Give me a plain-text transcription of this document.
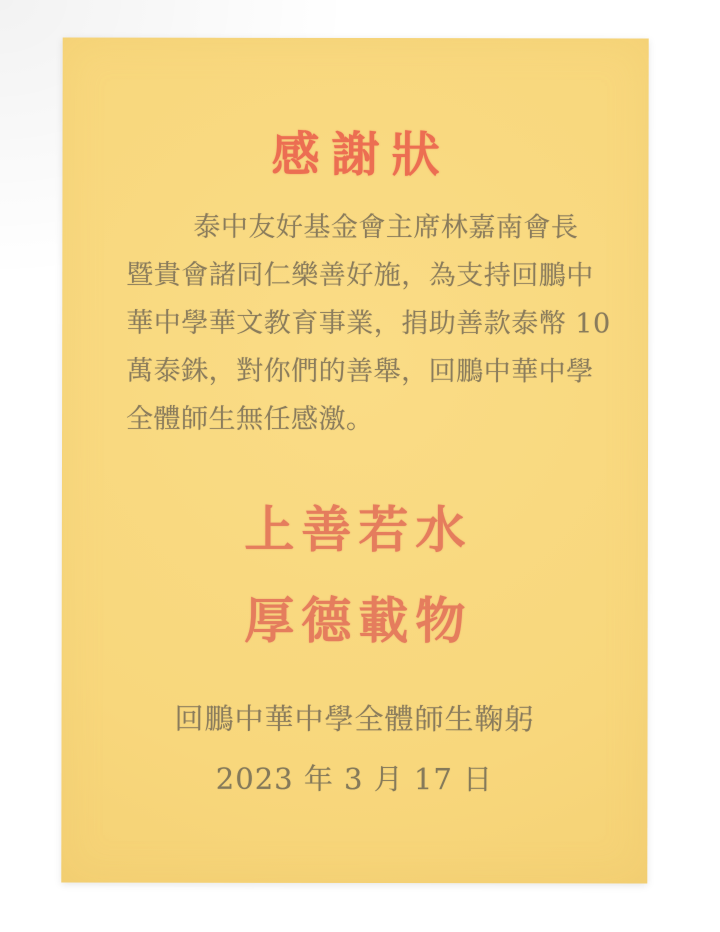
感謝狀
泰中友好基金會主席林嘉南會長
暨貴會諸同仁樂善好施，為支持回鵬中
華中學華文教育事業，捐助善款泰幣 10
萬泰銖，對你們的善舉，回鵬中華中學
全體師生無任感激。
上善若水
厚德載物
回鵬中華中學全體師生鞠躬
2023 年 3 月 17 日
